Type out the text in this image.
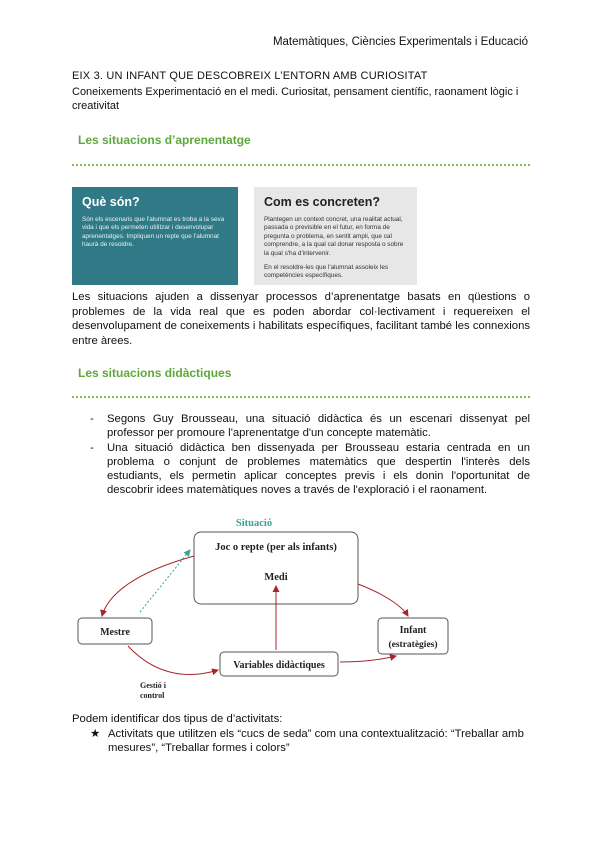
Matemàtiques, Ciències Experimentals i Educació
EIX 3. UN INFANT QUE DESCOBREIX L’ENTORN AMB CURIOSITAT
Coneixements Experimentació en el medi. Curiositat, pensament científic, raonament lògic i creativitat
Les situacions d’aprenentatge
Què són?

Són els escenaris que l'alumnat es troba a la seva vida i que els permeten utilitzar i desenvolupar aprenentatges. Impliquen un repte que l'alumnat haurà de resoldre.

Com es concreten?

Plantegen un context concret, una realitat actual, passada o previsible en el futur, en forma de pregunta o problema, en sentit ampli, que cal comprendre, a la qual cal donar resposta o sobre la qual s'ha d'intervenir.

En el resoldre-les que l'alumnat assoleix les competències específiques.

Les situacions ajuden a dissenyar processos d’aprenentatge basats en qüestions o problemes de la vida real que es poden abordar col·lectivament i requereixen el desenvolupament de coneixements i habilitats específiques, facilitant també les connexions entre àrees.
Les situacions didàctiques
- Segons Guy Brousseau, una situació didàctica és un escenari dissenyat pel professor per promoure l'aprenentatge d'un concepte matemàtic.
- Una situació didàctica ben dissenyada per Brousseau estaria centrada en un problema o conjunt de problemes matemàtics que despertin l'interès dels estudiants, els permetin aplicar conceptes previs i els donin l'oportunitat de descobrir idees matemàtiques noves a través de l'exploració i el raonament.
Situació
Joc o repte (per als infants)
Medi
Mestre	Infant
(estratègies)
Variables didàctiques
Gestió i
control
Podem identificar dos tipus de d’activitats:
★ Activitats que utilitzen els “cucs de seda” com una contextualització: “Treballar amb mesures”, “Treballar formes i colors”
